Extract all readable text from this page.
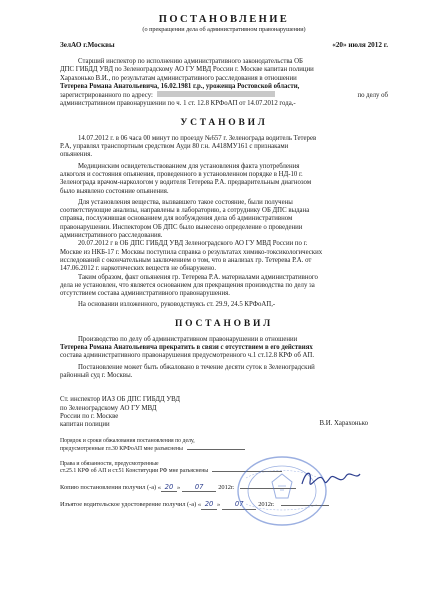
ПОСТАНОВЛЕНИЕ
(о прекращении дела об административном правонарушении)
ЗелАО г.Москвы	«20» июля 2012 г.
Старший инспектор по исполнению административного законодательства ОБ
ДПС ГИБДД УВД по Зеленоградскому АО ГУ МВД России г. Москве капитан полиции
Харахонько В.И., по результатам административного расследования в отношении
Тетерева Романа Анатольевича, 16.02.1981 г.р., уроженца Ростовской области,
зарегистрированного по адресу:	по делу об
административном правонарушении по ч. 1 ст. 12.8 КРФоАП от 14.07.2012 года,-
УСТАНОВИЛ
14.07.2012 г. в 06 часа 00 минут по проезду №657 г. Зеленограда водитель Тетерев
Р.А, управлял транспортным средством Ауди 80 г.н. А418МУ161 с признаками
опьянения.
Медицинским освидетельствованием для установления факта употребления
алкоголя и состояния опьянения, проведенного в установленном порядке в НД-10 г.
Зеленограда врачом-наркологом у водителя Тетерева Р.А. предварительным диагнозом
было выявлено состояние опьянения.
Для установления вещества, вызвавшего такое состояние, были получены
соответствующие анализы, направлены в лабораторию, а сотруднику ОБ ДПС выдана
справка, послужившая основанием для возбуждения дела об административном
правонарушении. Инспектором ОБ ДПС было вынесено определение о проведении
административного расследования.
20.07.2012 г в ОБ ДПС ГИБДД УВД Зеленоградского АО ГУ МВД России по г.
Москве из НКБ-17 г. Москвы поступила справка о результатах химико-токсикологических
исследований с окончательным заключением о том, что в анализах гр. Тетерева Р.А. от
147.06.2012 г. наркотических веществ не обнаружено.
Таким образом, факт опьянения гр. Тетерева Р.А. материалами административного
дела не установлен, что является основанием для прекращения производства по делу за
отсутствием состава административного правонарушения.
На основании изложенного, руководствуясь ст. 29.9, 24.5 КРФоАП,-
ПОСТАНОВИЛ
Производство по делу об административном правонарушении в отношении
Тетерева Романа Анатольевича прекратить в связи с отсутствием в его действиях
состава административного правонарушения предусмотренного ч.1 ст.12.8 КРФ об АП.
Постановление может быть обжаловано в течение десяти суток в Зеленоградский
районный суд г. Москвы.
Ст. инспектор ИАЗ ОБ ДПС ГИБДД УВД
по Зеленоградскому АО ГУ МВД
России по г. Москве
капитан полиции	В.И. Харахонько
Порядок и сроки обжалования постановления по делу,
предусмотренные гл.30 КРФоАП мне разъяснены
Права и обязанности, предусмотренные
ст.25.1 КРФ об АП и ст.51 Конституции РФ мне разъяснены
Копию постановления получил (-а) « 20 »	07	2012г.
Изъятое водительское удостоверение получил (-а) « 20 »	07	2012г.
